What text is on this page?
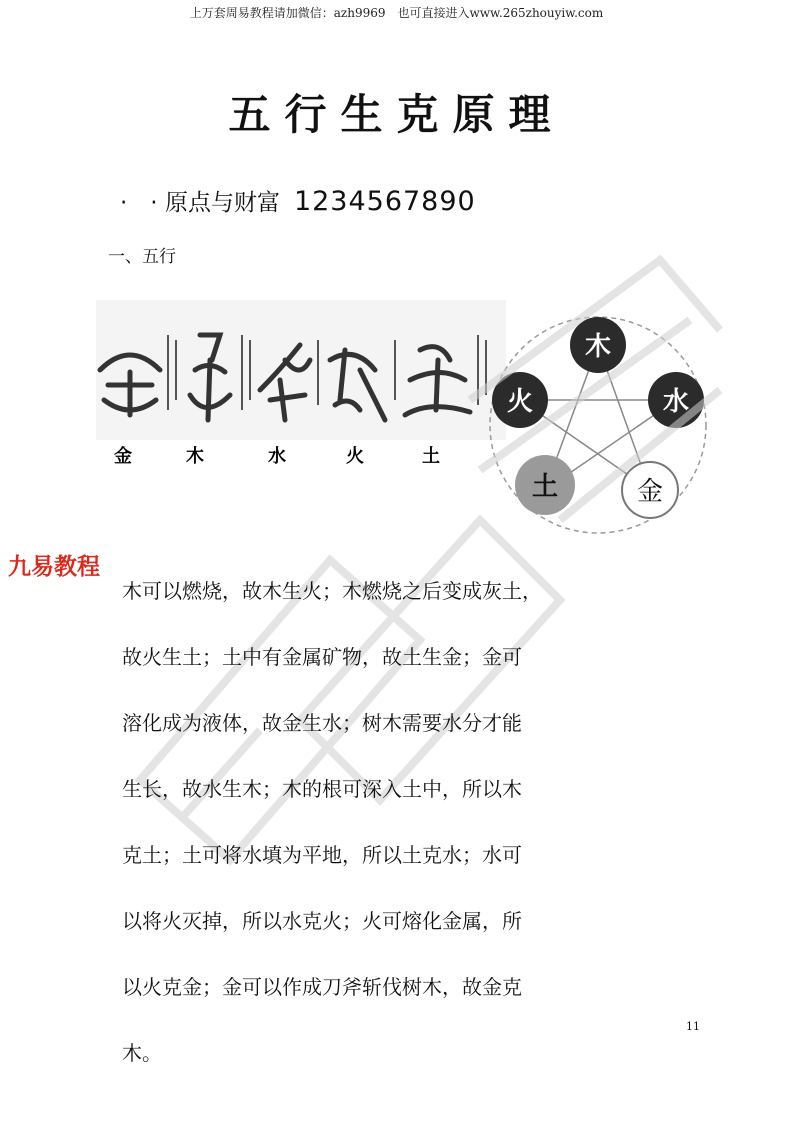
上万套周易教程请加微信：azh9969　也可直接进入www.265zhouyiw.com
五行生克原理
·　· 原点与财富 1234567890
一、五行
金	木	水	火	土
木
水
金
土
火
九易教程
木可以燃烧，故木生火；木燃烧之后变成灰土，
故火生土；土中有金属矿物，故土生金；金可
溶化成为液体，故金生水；树木需要水分才能
生长，故水生木；木的根可深入土中，所以木
克土；土可将水填为平地，所以土克水；水可
以将火灭掉，所以水克火；火可熔化金属，所
以火克金；金可以作成刀斧斩伐树木，故金克
木。
11
